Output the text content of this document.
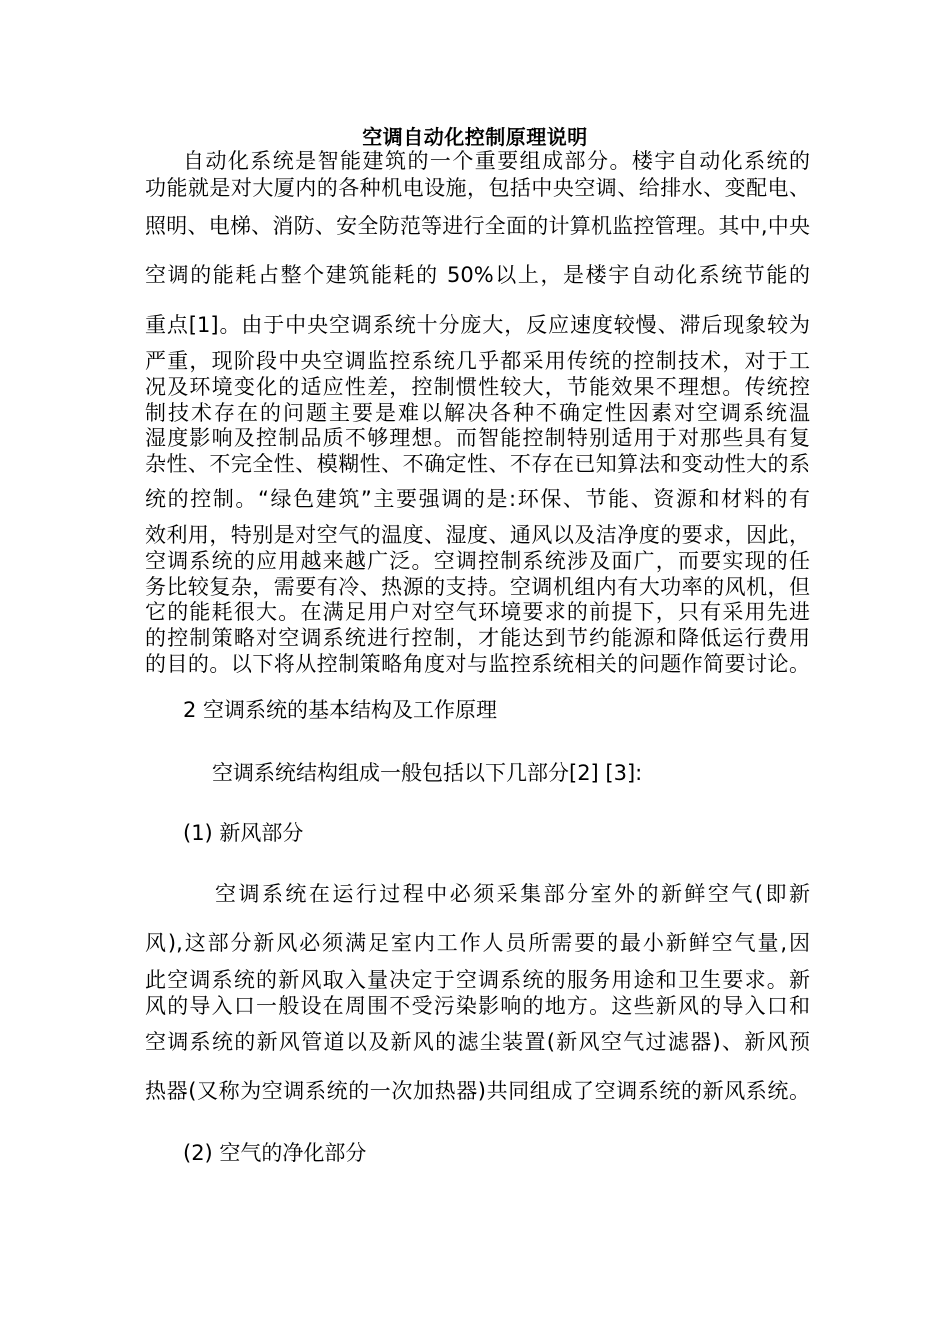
空调自动化控制原理说明
自动化系统是智能建筑的一个重要组成部分。楼宇自动化系统的
功能就是对大厦内的各种机电设施，包括中央空调、给排水、变配电、
照明、电梯、消防、安全防范等进行全面的计算机监控管理。其中,中央
空调的能耗占整个建筑能耗的 50%以上，是楼宇自动化系统节能的
重点[1]。由于中央空调系统十分庞大，反应速度较慢、滞后现象较为
严重，现阶段中央空调监控系统几乎都采用传统的控制技术，对于工
况及环境变化的适应性差，控制惯性较大，节能效果不理想。传统控
制技术存在的问题主要是难以解决各种不确定性因素对空调系统温
湿度影响及控制品质不够理想。而智能控制特别适用于对那些具有复
杂性、不完全性、模糊性、不确定性、不存在已知算法和变动性大的系
统的控制。“绿色建筑”主要强调的是:环保、节能、资源和材料的有
效利用，特别是对空气的温度、湿度、通风以及洁净度的要求，因此，
空调系统的应用越来越广泛。空调控制系统涉及面广，而要实现的任
务比较复杂，需要有冷、热源的支持。空调机组内有大功率的风机，但
它的能耗很大。在满足用户对空气环境要求的前提下，只有采用先进
的控制策略对空调系统进行控制，才能达到节约能源和降低运行费用
的目的。以下将从控制策略角度对与监控系统相关的问题作简要讨论。
2 空调系统的基本结构及工作原理
空调系统结构组成一般包括以下几部分[2] [3]:
(1) 新风部分
空调系统在运行过程中必须采集部分室外的新鲜空气(即新
风),这部分新风必须满足室内工作人员所需要的最小新鲜空气量,因
此空调系统的新风取入量决定于空调系统的服务用途和卫生要求。新
风的导入口一般设在周围不受污染影响的地方。这些新风的导入口和
空调系统的新风管道以及新风的滤尘装置(新风空气过滤器)、新风预
热器(又称为空调系统的一次加热器)共同组成了空调系统的新风系统。
(2) 空气的净化部分
